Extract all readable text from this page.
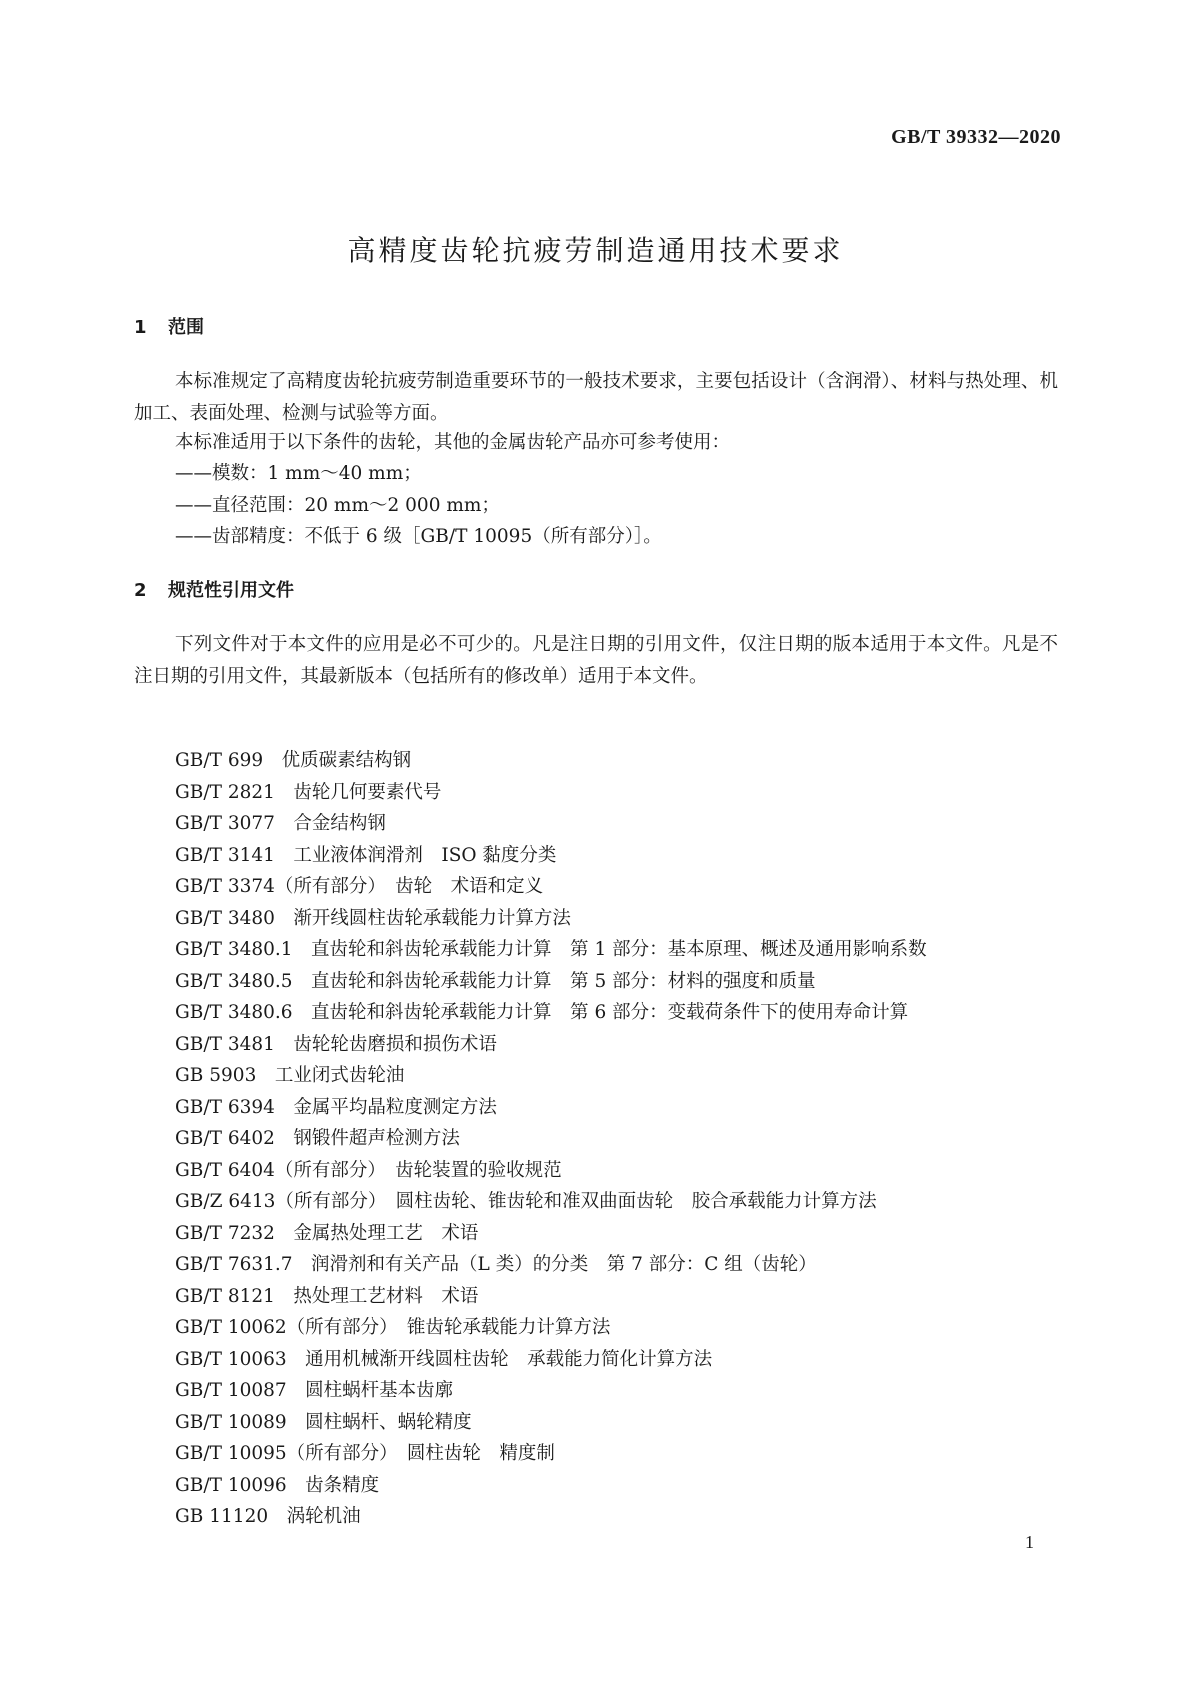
GB/T 39332—2020
高精度齿轮抗疲劳制造通用技术要求
1 范围

本标准规定了高精度齿轮抗疲劳制造重要环节的一般技术要求，主要包括设计（含润滑）、材料与热处理、机加工、表面处理、检测与试验等方面。

本标准适用于以下条件的齿轮，其他的金属齿轮产品亦可参考使用：

——模数：1 mm～40 mm；

——直径范围：20 mm～2 000 mm；

——齿部精度：不低于 6 级［GB/T 10095（所有部分）］。

2 规范性引用文件

下列文件对于本文件的应用是必不可少的。凡是注日期的引用文件，仅注日期的版本适用于本文件。凡是不注日期的引用文件，其最新版本（包括所有的修改单）适用于本文件。

GB/T 699　优质碳素结构钢
GB/T 2821　齿轮几何要素代号
GB/T 3077　合金结构钢
GB/T 3141　工业液体润滑剂　ISO 黏度分类
GB/T 3374（所有部分）　齿轮　术语和定义
GB/T 3480　渐开线圆柱齿轮承载能力计算方法
GB/T 3480.1　直齿轮和斜齿轮承载能力计算　第 1 部分：基本原理、概述及通用影响系数
GB/T 3480.5　直齿轮和斜齿轮承载能力计算　第 5 部分：材料的强度和质量
GB/T 3480.6　直齿轮和斜齿轮承载能力计算　第 6 部分：变载荷条件下的使用寿命计算
GB/T 3481　齿轮轮齿磨损和损伤术语
GB 5903　工业闭式齿轮油
GB/T 6394　金属平均晶粒度测定方法
GB/T 6402　钢锻件超声检测方法
GB/T 6404（所有部分）　齿轮装置的验收规范
GB/Z 6413（所有部分）　圆柱齿轮、锥齿轮和准双曲面齿轮　胶合承载能力计算方法
GB/T 7232　金属热处理工艺　术语
GB/T 7631.7　润滑剂和有关产品（L 类）的分类　第 7 部分：C 组（齿轮）
GB/T 8121　热处理工艺材料　术语
GB/T 10062（所有部分）　锥齿轮承载能力计算方法
GB/T 10063　通用机械渐开线圆柱齿轮　承载能力简化计算方法
GB/T 10087　圆柱蜗杆基本齿廓
GB/T 10089　圆柱蜗杆、蜗轮精度
GB/T 10095（所有部分）　圆柱齿轮　精度制
GB/T 10096　齿条精度
GB 11120　涡轮机油
1
